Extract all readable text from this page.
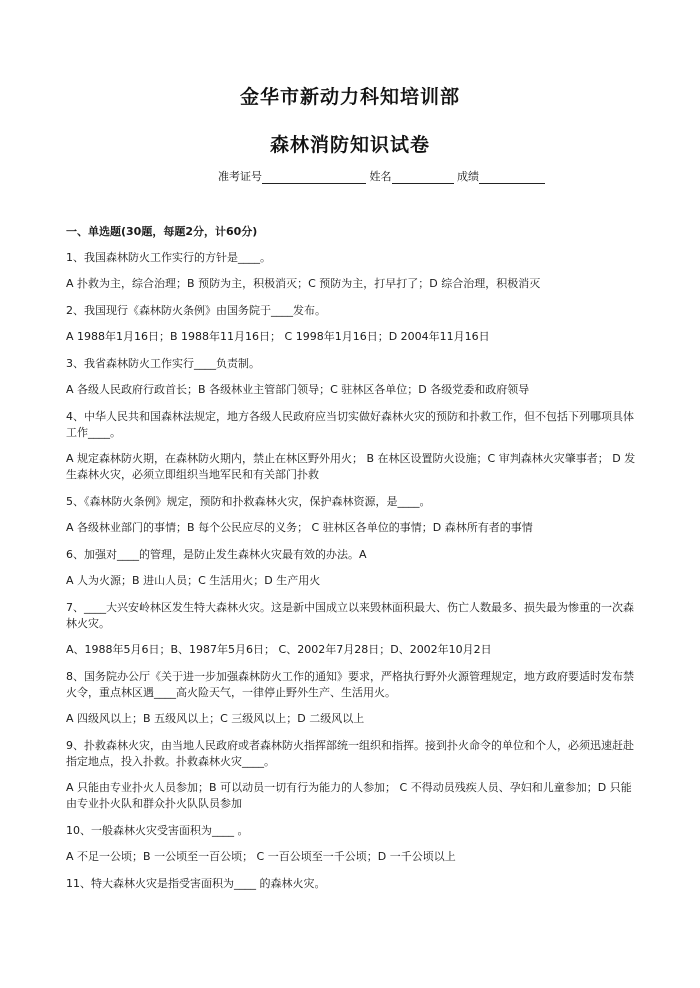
金华市新动力科知培训部
森林消防知识试卷
准考证号	姓名	成绩
一、单选题(30题，每题2分，计60分)
1、我国森林防火工作实行的方针是____。
A 扑救为主，综合治理；B 预防为主，积极消灭；C 预防为主，打早打了；D 综合治理，积极消灭
2、我国现行《森林防火条例》由国务院于____发布。
A 1988年1月16日；B 1988年11月16日； C 1998年1月16日；D 2004年11月16日
3、我省森林防火工作实行____负责制。
A 各级人民政府行政首长；B 各级林业主管部门领导；C 驻林区各单位；D 各级党委和政府领导
4、中华人民共和国森林法规定，地方各级人民政府应当切实做好森林火灾的预防和扑救工作，但不包括下列哪项具体工作____。
A 规定森林防火期，在森林防火期内，禁止在林区野外用火； B 在林区设置防火设施；C 审判森林火灾肇事者； D 发生森林火灾，必须立即组织当地军民和有关部门扑救
5、《森林防火条例》规定，预防和扑救森林火灾，保护森林资源，是____。
A 各级林业部门的事情；B 每个公民应尽的义务； C 驻林区各单位的事情；D 森林所有者的事情
6、加强对____的管理，是防止发生森林火灾最有效的办法。A
A 人为火源；B 进山人员；C 生活用火；D 生产用火
7、____大兴安岭林区发生特大森林火灾。这是新中国成立以来毁林面积最大、伤亡人数最多、损失最为惨重的一次森林火灾。
A、1988年5月6日；B、1987年5月6日； C、2002年7月28日；D、2002年10月2日
8、国务院办公厅《关于进一步加强森林防火工作的通知》要求，严格执行野外火源管理规定，地方政府要适时发布禁火令，重点林区遇____高火险天气，一律停止野外生产、生活用火。
A 四级风以上；B 五级风以上；C 三级风以上；D 二级风以上
9、扑救森林火灾，由当地人民政府或者森林防火指挥部统一组织和指挥。接到扑火命令的单位和个人，必须迅速赶赴指定地点，投入扑救。扑救森林火灾____。
A 只能由专业扑火人员参加；B 可以动员一切有行为能力的人参加； C 不得动员残疾人员、孕妇和儿童参加；D 只能由专业扑火队和群众扑火队队员参加
10、一般森林火灾受害面积为____ 。
A 不足一公顷；B 一公顷至一百公顷； C 一百公顷至一千公顷；D 一千公顷以上
11、特大森林火灾是指受害面积为____ 的森林火灾。
